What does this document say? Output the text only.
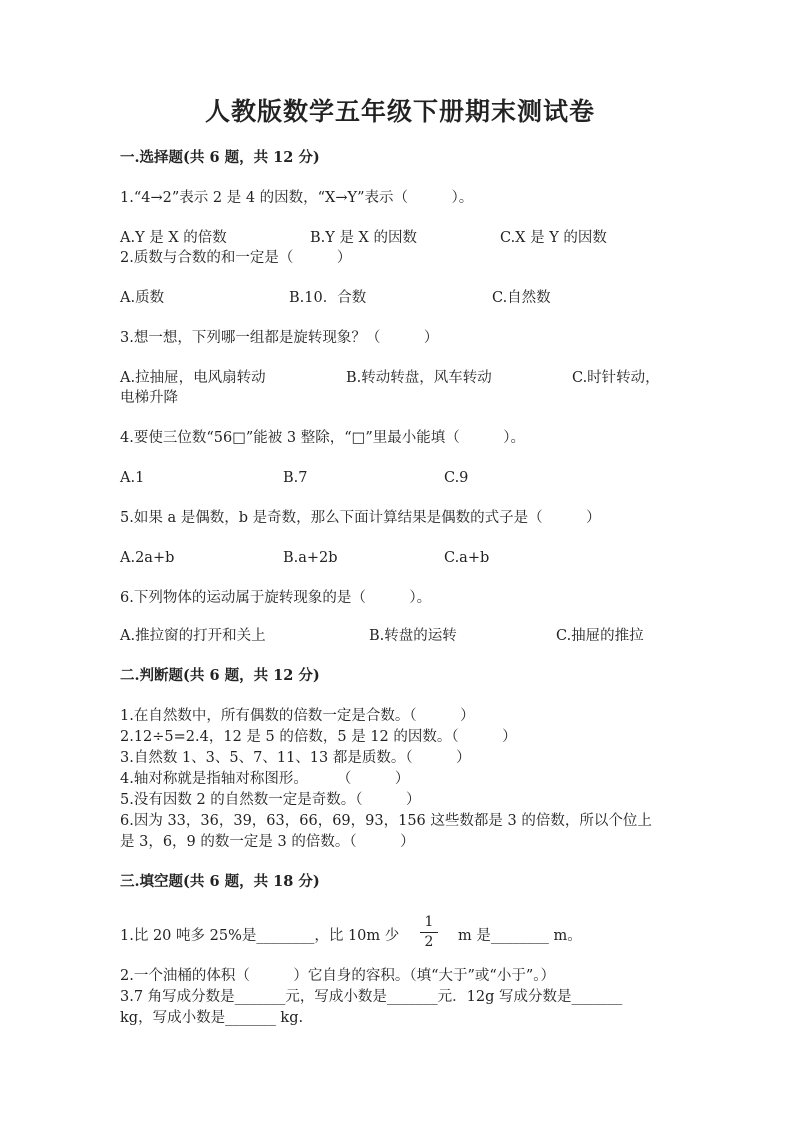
人教版数学五年级下册期末测试卷
一.选择题(共 6 题，共 12 分)
1.“4→2”表示 2 是 4 的因数，“X→Y”表示（　　　）。
A.Y 是 X 的倍数	B.Y 是 X 的因数	C.X 是 Y 的因数
2.质数与合数的和一定是（　　　）
A.质数	B.10．合数	C.自然数
3.想一想，下列哪一组都是旋转现象？（　　　）
A.拉抽屉，电风扇转动	B.转动转盘，风车转动	C.时针转动，
电梯升降
4.要使三位数“56□”能被 3 整除，“□”里最小能填（　　　）。
A.1	B.7	C.9
5.如果 a 是偶数，b 是奇数，那么下面计算结果是偶数的式子是（　　　）
A.2a+b	B.a+2b	C.a+b
6.下列物体的运动属于旋转现象的是（　　　）。
A.推拉窗的打开和关上	B.转盘的运转	C.抽屉的推拉
二.判断题(共 6 题，共 12 分)
1.在自然数中，所有偶数的倍数一定是合数。（　　　）
2.12÷5=2.4，12 是 5 的倍数，5 是 12 的因数。（　　　）
3.自然数 1、3、5、7、11、13 都是质数。（　　　）
4.轴对称就是指轴对称图形。　　　（　　　）
5.没有因数 2 的自然数一定是奇数。（　　　）
6.因为 33，36，39，63，66，69，93，156 这些数都是 3 的倍数，所以个位上
是 3，6，9 的数一定是 3 的倍数。（　　　）
三.填空题(共 6 题，共 18 分)
1.比 20 吨多 25%是________，比 10m 少
1
2	m 是________ m。
2.一个油桶的体积（　　　）它自身的容积。（填“大于”或“小于”。）
3.7 角写成分数是_______元，写成小数是_______元．12g 写成分数是_______
kg，写成小数是_______ kg.
